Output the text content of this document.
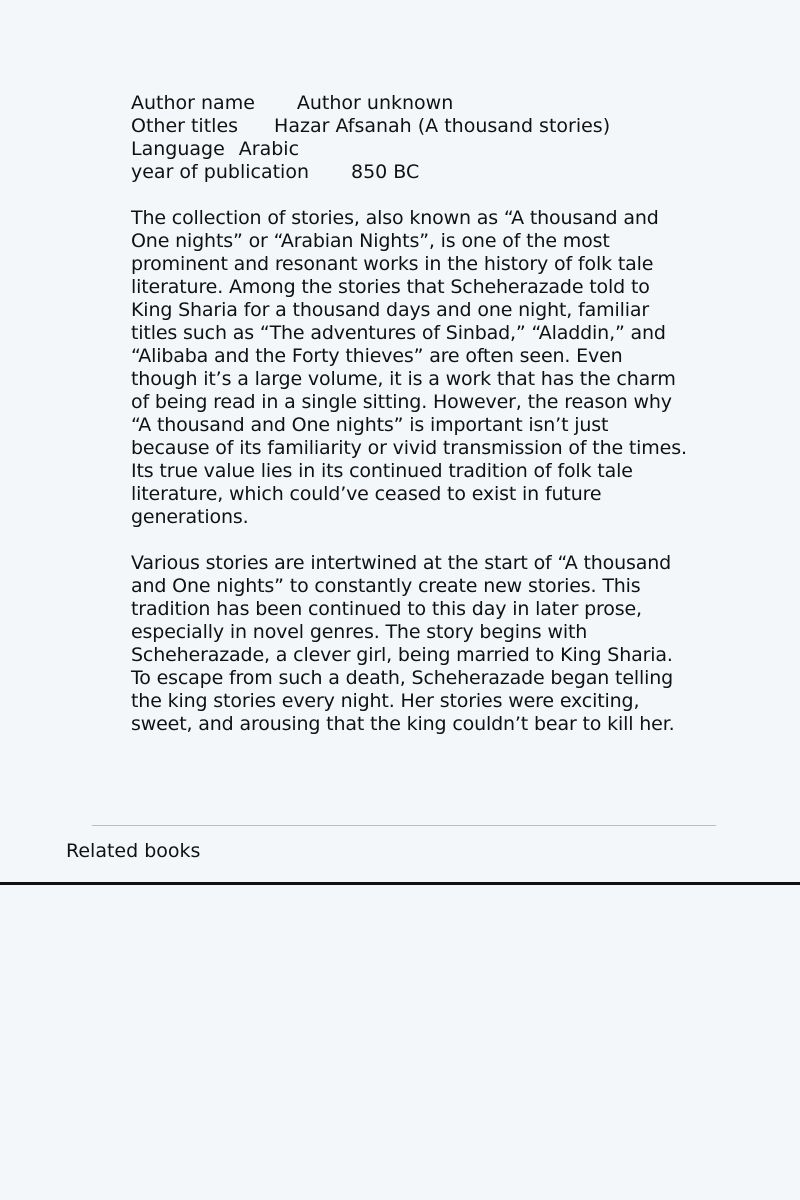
Author name Author unknown
Other titles Hazar Afsanah (A thousand stories)
Language Arabic
year of publication 850 BC

The collection of stories, also known as “A thousand and One nights” or “Arabian Nights”, is one of the most prominent and resonant works in the history of folk tale literature. Among the stories that Scheherazade told to King Sharia for a thousand days and one night, familiar titles such as “The adventures of Sinbad,” “Aladdin,” and “Alibaba and the Forty thieves” are often seen. Even though it’s a large volume, it is a work that has the charm of being read in a single sitting. However, the reason why “A thousand and One nights” is important isn’t just because of its familiarity or vivid transmission of the times. Its true value lies in its continued tradition of folk tale literature, which could’ve ceased to exist in future generations.

Various stories are intertwined at the start of “A thousand and One nights” to constantly create new stories. This tradition has been continued to this day in later prose, especially in novel genres. The story begins with Scheherazade, a clever girl, being married to King Sharia. To escape from such a death, Scheherazade began telling the king stories every night. Her stories were exciting, sweet, and arousing that the king couldn’t bear to kill her.

Related books
